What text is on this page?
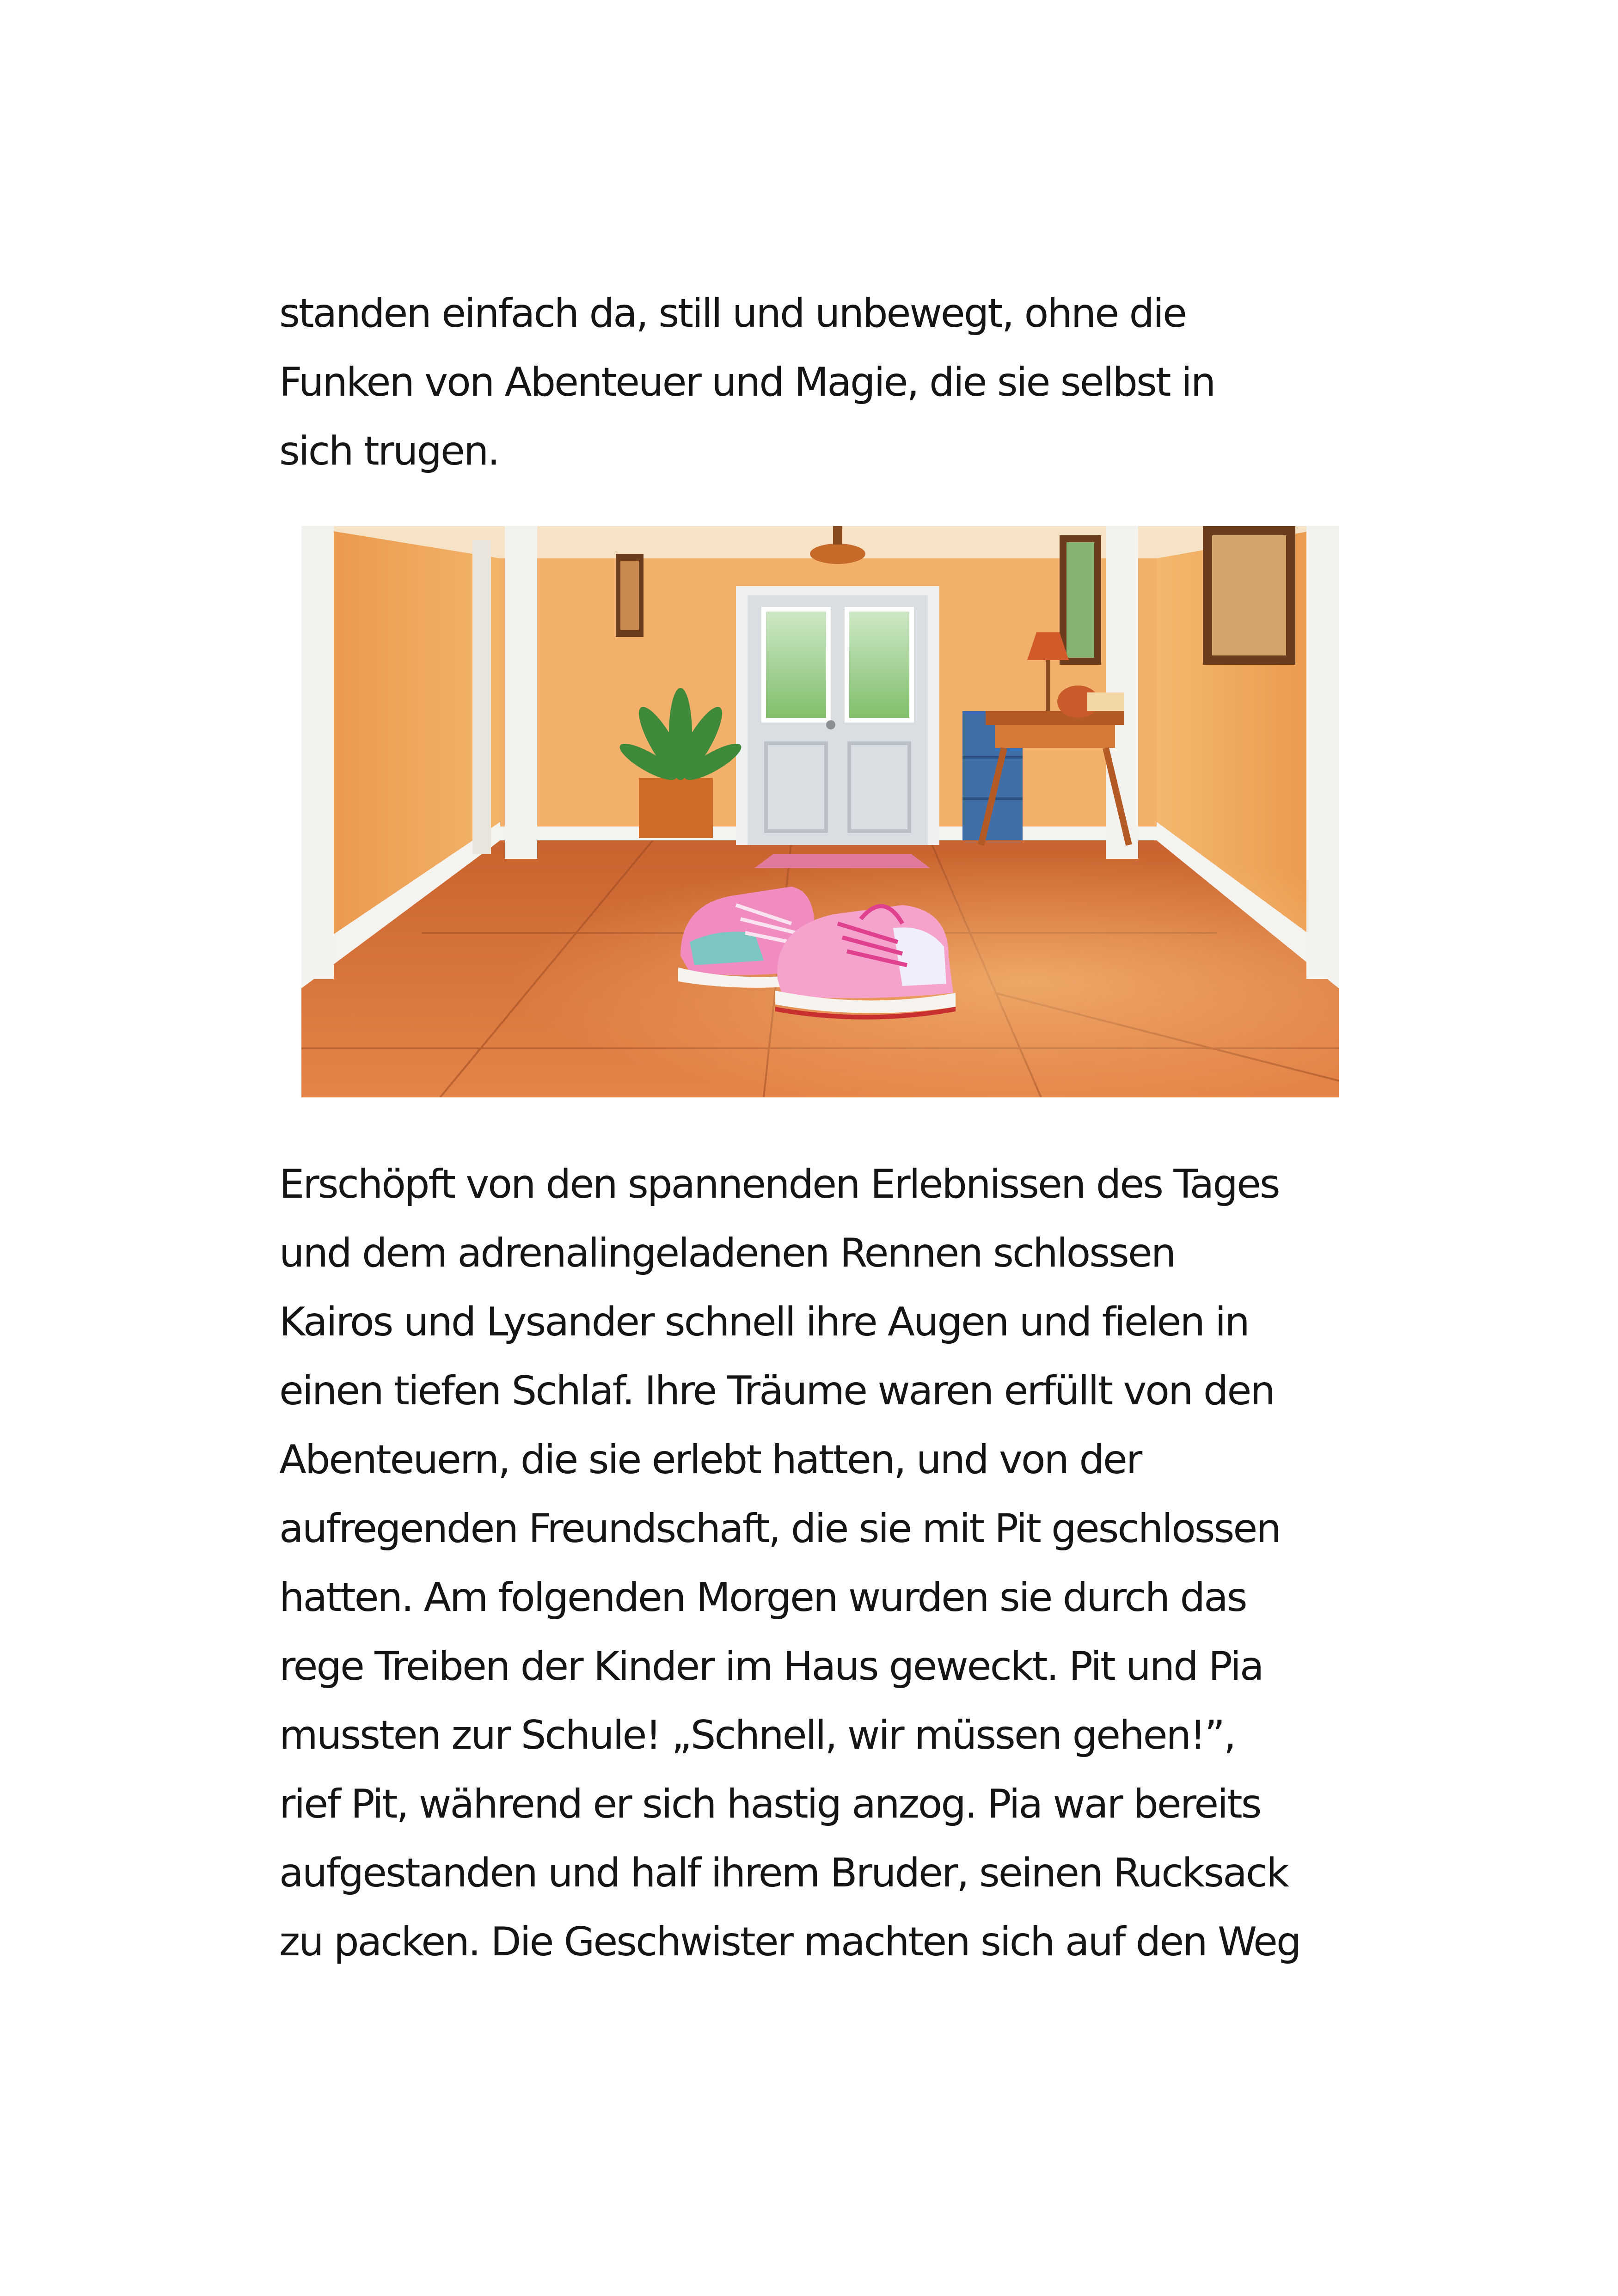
standen einfach da, still und unbewegt, ohne die
Funken von Abenteuer und Magie, die sie selbst in
sich trugen.

Erschöpft von den spannenden Erlebnissen des Tages
und dem adrenalingeladenen Rennen schlossen
Kairos und Lysander schnell ihre Augen und fielen in
einen tiefen Schlaf. Ihre Träume waren erfüllt von den
Abenteuern, die sie erlebt hatten, und von der
aufregenden Freundschaft, die sie mit Pit geschlossen
hatten. Am folgenden Morgen wurden sie durch das
rege Treiben der Kinder im Haus geweckt. Pit und Pia
mussten zur Schule! „Schnell, wir müssen gehen!”,
rief Pit, während er sich hastig anzog. Pia war bereits
aufgestanden und half ihrem Bruder, seinen Rucksack
zu packen. Die Geschwister machten sich auf den Weg
